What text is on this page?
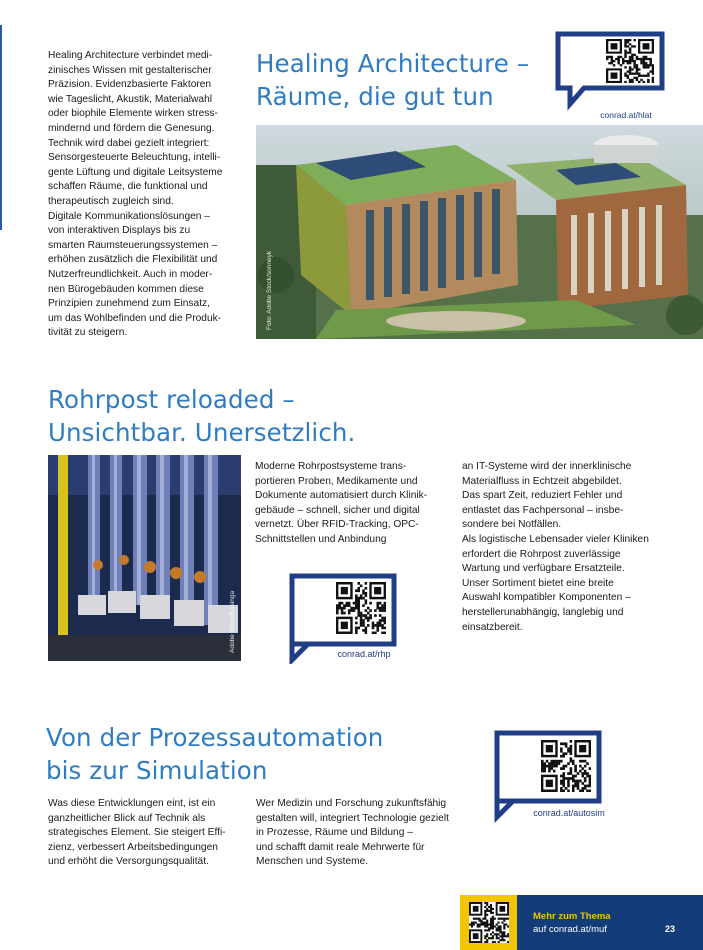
Healing Architecture verbindet medi-
zinisches Wissen mit gestalterischer
Präzision. Evidenzbasierte Faktoren
wie Tageslicht, Akustik, Materialwahl
oder biophile Elemente wirken stress-
mindernd und fördern die Genesung.
Technik wird dabei gezielt integriert:
Sensorgesteuerte Beleuchtung, intelli-
gente Lüftung und digitale Leitsysteme
schaffen Räume, die funktional und
therapeutisch zugleich sind.
Digitale Kommunikationslösungen –
von interaktiven Displays bis zu
smarten Raumsteuerungssystemen –
erhöhen zusätzlich die Flexibilität und
Nutzerfreundlichkeit. Auch in moder-
nen Bürogebäuden kommen diese
Prinzipien zunehmend zum Einsatz,
um das Wohlbefinden und die Produk-
tivität zu steigern.
Healing Architecture –
Räume, die gut tun
conrad.at/hlat
Foto: Adobe Stock/sonneyk
Rohrpost reloaded –
Unsichtbar. Unersetzlich.
Adobe Stock/Kasinga
Moderne Rohrpostsysteme trans-
portieren Proben, Medikamente und
Dokumente automatisiert durch Klinik-
gebäude – schnell, sicher und digital
vernetzt. Über RFID-Tracking, OPC-
Schnittstellen und Anbindung
an IT-Systeme wird der innerklinische
Materialfluss in Echtzeit abgebildet.
Das spart Zeit, reduziert Fehler und
entlastet das Fachpersonal – insbe-
sondere bei Notfällen.
Als logistische Lebensader vieler Kliniken
erfordert die Rohrpost zuverlässige
Wartung und verfügbare Ersatzteile.
Unser Sortiment bietet eine breite
Auswahl kompatibler Komponenten –
herstellerunabhängig, langlebig und
einsatzbereit.
conrad.at/rhp
Von der Prozessautomation
bis zur Simulation
conrad.at/autosim
Was diese Entwicklungen eint, ist ein
ganzheitlicher Blick auf Technik als
strategisches Element. Sie steigert Effi-
zienz, verbessert Arbeitsbedingungen
und erhöht die Versorgungsqualität.
Wer Medizin und Forschung zukunftsfähig
gestalten will, integriert Technologie gezielt
in Prozesse, Räume und Bildung –
und schafft damit reale Mehrwerte für
Menschen und Systeme.
Mehr zum Thema
auf conrad.at/muf	23
